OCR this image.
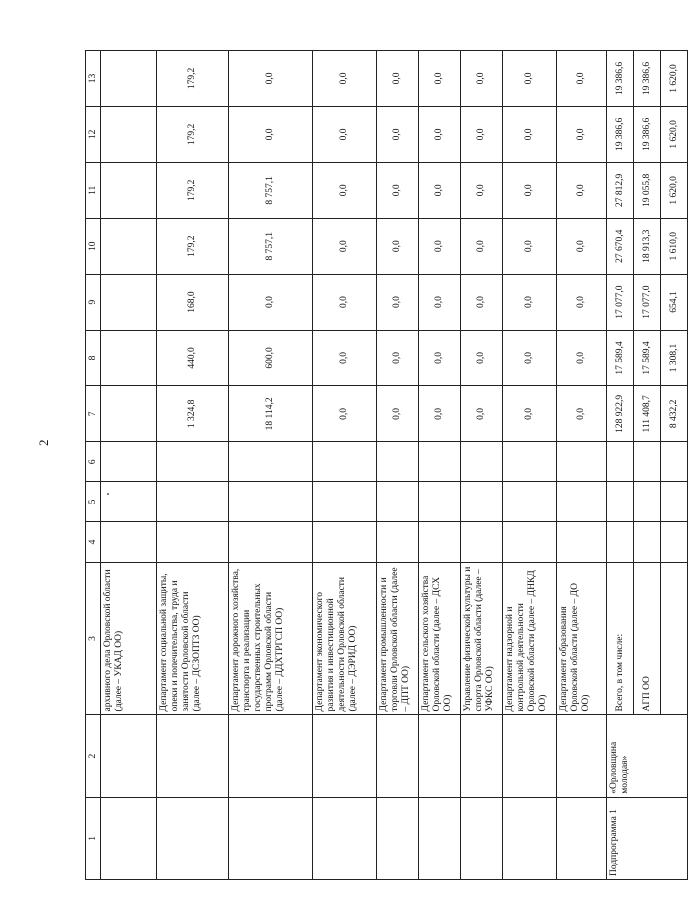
2
1	2	3	4	5	6	7	8	9	10	11	12	13
		архивного дела Орловской области (далее – УКАД ОО)										
		Департамент социальной защиты, опеки и попечительства, труда и занятости Орловской области (далее – ДСЗОПТЗ ОО)				1 324,8	440,0	168,0	179,2	179,2	179,2	179,2
		Департамент дорожного хозяйства, транспорта и реализации государственных строительных программ Орловской области (далее – ДДХТРГСП ОО)				18 114,2	600,0	0,0	8 757,1	8 757,1	0,0	0,0
		Департамент экономического развития и инвестиционной деятельности Орловской области (далее – ДЭРИД ОО)				0,0	0,0	0,0	0,0	0,0	0,0	0,0
		Департамент промышленности и торговли Орловской области (далее – ДПТ ОО)				0,0	0,0	0,0	0,0	0,0	0,0	0,0
		Департамент сельского хозяйства Орловской области (далее – ДСХ ОО)				0,0	0,0	0,0	0,0	0,0	0,0	0,0
		Управление физической культуры и спорта Орловской области (далее – УФКС ОО)				0,0	0,0	0,0	0,0	0,0	0,0	0,0
		Департамент надзорной и контрольной деятельности Орловской области (далее – ДНКД ОО)				0,0	0,0	0,0	0,0	0,0	0,0	0,0
		Департамент образования Орловской области (далее – ДО ОО)				0,0	0,0	0,0	0,0	0,0	0,0	0,0
Подпрограмма 1	«Орловщина молодая»	Всего, в том числе:				128 922,9	17 589,4	17 077,0	27 670,4	27 812,9	19 386,6	19 386,6
		АГП ОО				111 408,7	17 589,4	17 077,0	18 913,3	19 055,8	19 386,6	19 386,6
						8 432,2	1 308,1	654,1	1 610,0	1 620,0	1 620,0	1 620,0
